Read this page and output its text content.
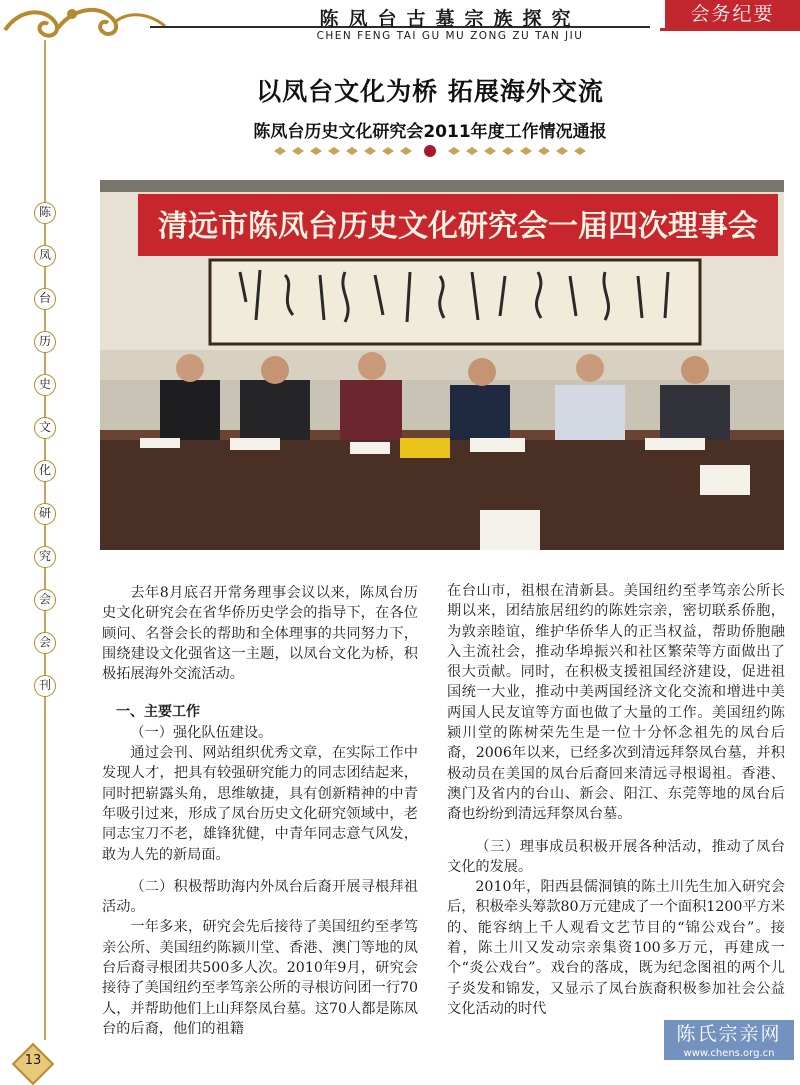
陈凤台古墓宗族探究
CHEN FENG TAI GU MU ZONG ZU TAN JIU
会务纪要
陈
凤
台
历
史
文
化
研
究
会
会
刊
以凤台文化为桥 拓展海外交流
陈凤台历史文化研究会2011年度工作情况通报
清远市陈凤台历史文化研究会一届四次理事会

去年8月底召开常务理事会议以来，陈凤台历史文化研究会在省华侨历史学会的指导下，在各位顾问、名誉会长的帮助和全体理事的共同努力下，围绕建设文化强省这一主题，以凤台文化为桥，积极拓展海外交流活动。

一、主要工作

（一）强化队伍建设。

通过会刊、网站组织优秀文章，在实际工作中发现人才，把具有较强研究能力的同志团结起来，同时把崭露头角，思维敏捷，具有创新精神的中青年吸引过来，形成了凤台历史文化研究领域中，老同志宝刀不老，雄锋犹健，中青年同志意气风发，敢为人先的新局面。

（二）积极帮助海内外凤台后裔开展寻根拜祖活动。

一年多来，研究会先后接待了美国纽约至孝笃亲公所、美国纽约陈颍川堂、香港、澳门等地的凤台后裔寻根团共500多人次。2010年9月，研究会接待了美国纽约至孝笃亲公所的寻根访问团一行70人，并帮助他们上山拜祭凤台墓。这70人都是陈凤台的后裔，他们的祖籍

在台山市，祖根在清新县。美国纽约至孝笃亲公所长期以来，团结旅居纽约的陈姓宗亲，密切联系侨胞，为敦亲睦谊，维护华侨华人的正当权益，帮助侨胞融入主流社会，推动华埠振兴和社区繁荣等方面做出了很大贡献。同时，在积极支援祖国经济建设，促进祖国统一大业，推动中美两国经济文化交流和增进中美两国人民友谊等方面也做了大量的工作。美国纽约陈颍川堂的陈树荣先生是一位十分怀念祖先的凤台后裔，2006年以来，已经多次到清远拜祭凤台墓，并积极动员在美国的凤台后裔回来清远寻根谒祖。香港、澳门及省内的台山、新会、阳江、东莞等地的凤台后裔也纷纷到清远拜祭凤台墓。

（三）理事成员积极开展各种活动，推动了凤台文化的发展。

2010年，阳西县儒洞镇的陈土川先生加入研究会后，积极牵头筹款80万元建成了一个面积1200平方米的、能容纳上千人观看文艺节目的“锦公戏台”。接着，陈土川又发动宗亲集资100多万元，再建成一个“炎公戏台”。戏台的落成，既为纪念图祖的两个儿子炎发和锦发，又显示了凤台族裔积极参加社会公益文化活动的时代

13
陈氏宗亲网
www.chens.org.cn
